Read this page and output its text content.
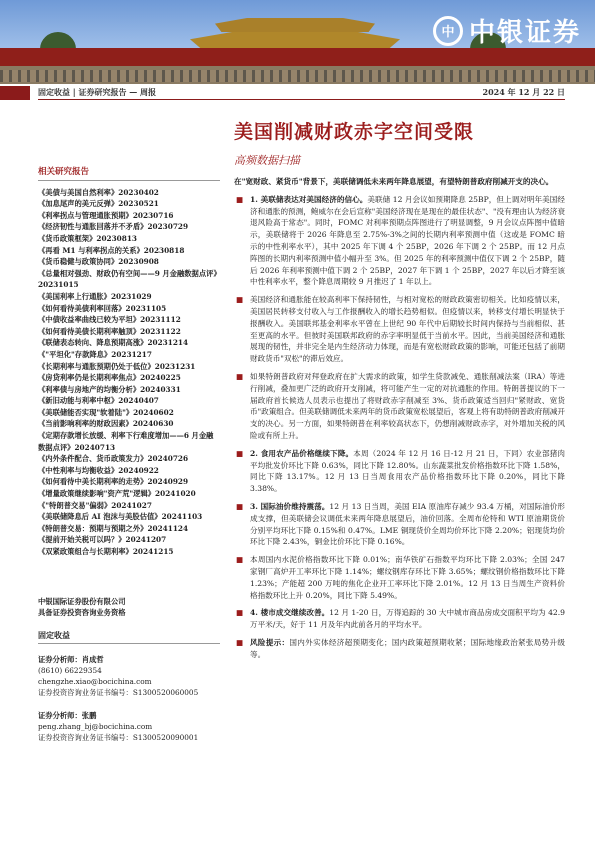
中 中银证券
固定收益 | 证券研究报告 — 周报	2024 年 12 月 22 日
美国削减财政赤字空间受限
高频数据扫描
相关研究报告
《美债与美国自然利率》20230402
《加息尾声的美元反弹》20230521
《利率拐点与管理通胀预期》20230716
《经济韧性与通胀回落并不矛盾》20230729
《货币政策框架》20230813
《再看 M1 与利率拐点的关系》20230818
《货币稳健与政策协同》20230908
《总量相对强劲、财政仍有空间——9 月金融数据点评》20231015
《美国利率上行通胀》20231029
《如何看待美债利率回落》20231105
《中债收益率曲线已较为平坦》20231112
《如何看待美债长期利率触顶》20231122
《联储表态转向、降息预期高涨》20231214
《"平坦化"存款降息》20231217
《长期利率与通胀预期仍处于低位》20231231
《房贷利率仍是长期利率焦点》20240225
《利率债与房地产的均衡分析》20240331
《新旧动能与利率中枢》20240407
《美联储能否实现"软着陆"》20240602
《当前影响利率的财政因素》20240630
《定期存款增长放缓、利率下行难度增加——6 月金融数据点评》20240713
《内外条件配合、货币政策发力》20240726
《中性利率与均衡收益》20240922
《如何看待中美长期利率的走势》20240929
《增量政策继续影响"资产荒"逻辑》20241020
《"特朗普交易"偏弱》20241027
《美联储降息后 AI 泡沫与美股估值》20241103
《特朗普交易：预期与预期之外》20241124
《提前开始关税可以吗？》20241207
《双紧政策组合与长期利率》20241215
中银国际证券股份有限公司
具备证券投资咨询业务资格
固定收益
证券分析师：肖成哲
(8610) 66229354
chengzhe.xiao@bocichina.com
证券投资咨询业务证书编号：S1300520060005
证券分析师：张鹏
peng.zhang_bj@bocichina.com
证券投资咨询业务证书编号：S1300520090001
在"宽财政、紧货币"背景下，美联储调低未来两年降息展望，有望特朗普政府削减开支的决心。
■ 1. 美联储表达对美国经济的信心。美联储 12 月会议如预期降息 25BP，但上调对明年美国经济和通胀的预测，鲍威尔在会后宣称"美国经济现在是现在的最佳状态"、"没有理由认为经济衰退风险高于常态"。同时，FOMC 对利率预期点阵图进行了明显调整，9 月会议点阵图中值暗示，美联储将于 2026 年降息至 2.75%-3%之间的长期内利率预测中值（这或是 FOMC 暗示的中性利率水平），其中 2025 年下调 4 个 25BP，2026 年下调 2 个 25BP。而 12 月点阵图的长期内利率预测中值小幅升至 3%。但 2025 年的利率预测中值仅下调 2 个 25BP，随后 2026 年利率预测中值下调 2 个 25BP，2027 年下调 1 个 25BP，2027 年以后才降至该中性利率水平，整个降息周期较 9 月推迟了 1 年以上。
■ 美国经济和通胀能在较高利率下保持韧性，与相对宽松的财政政策密切相关。比如疫情以来，美国居民转移支付收入与工作报酬收入的增长趋势相似。但疫情以来，转移支付增长明显快于报酬收入。美国联邦基金利率水平曾在上世纪 90 年代中后期较长时间内保持与当前相似、甚至更高的水平。但彼时美国联邦政府的赤字率明显低于当前水平。因此，当前美国经济和通胀展现的韧性，并非完全是内生经济动力体现，而是有宽松财政政策的影响，可能还包括了前期财政货币"双松"的滞后效应。
■ 如果特朗普政府对拜登政府在扩大需求的政策，如学生贷款减免、通胀削减法案（IRA）等进行削减，叠加更广泛的政府开支削减，将可能产生一定的对抗通胀的作用。特朗普提议的下一届政府首长候选人员表示也提出了将财政赤字削减至 3%、货币政策适当回归"紧财政、宽货币"政策组合。但美联储调低未来两年的货币政策宽松展望后，客观上将有助特朗普政府削减开支的决心。另一方面，如果特朗普在利率较高状态下，仍想削减财政赤字，对外增加关税的风险或有所上升。
■ 2. 食用农产品价格继续下降。本周（2024 年 12 月 16 日-12 月 21 日，下同）农业部猪肉平均批发价环比下降 0.63%，同比下降 12.80%。山东蔬菜批发价格指数环比下降 1.58%，同比下降 13.17%。12 月 13 日当周食用农产品价格指数环比下降 0.20%，同比下降 3.38%。
■ 3. 国际油价维持震荡。12 月 13 日当周，美国 EIA 原油库存减少 93.4 万桶，对国际油价形成支撑，但美联储会议调低未来两年降息展望后，油价回落。全周布伦特和 WTI 原油期货价分别平均环比下降 0.15%和 0.47%。LME 铜现货价全周均价环比下降 2.20%；铝现货均价环比下降 2.43%，铜金比价环比下降 0.16%。
■ 本周国内水泥价格指数环比下降 0.01%；南华铁矿石指数平均环比下降 2.03%；全国 247 家钢厂高炉开工率环比下降 1.14%；螺纹钢库存环比下降 3.65%；螺纹钢价格指数环比下降 1.23%；产能超 200 万吨的焦化企业开工率环比下降 2.01%。12 月 13 日当周生产资料价格指数环比上升 0.20%，同比下降 5.49%。
■ 4. 楼市成交继续改善。12 月 1-20 日，万得追踪的 30 大中城市商品房成交面积平均为 42.9 万平米/天，好于 11 月及年内此前各月的平均水平。
■ 风险提示：国内外实体经济超预期变化；国内政策超预期收紧；国际地缘政治紧张局势升级等。
